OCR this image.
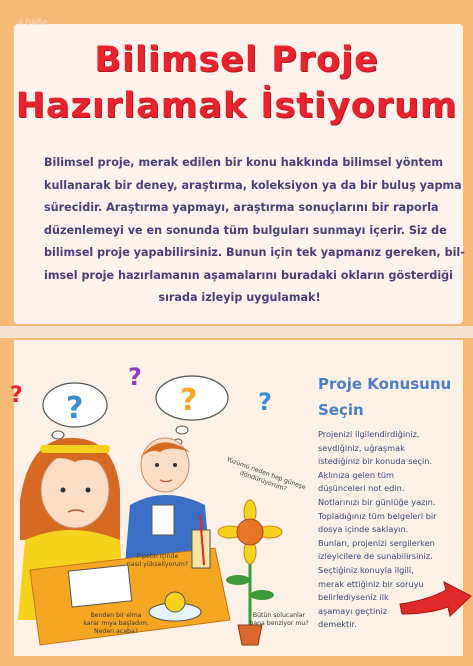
∂ baße
Bilimsel Proje
Hazırlamak İstiyorum
Bilimsel proje, merak edilen bir konu hakkında bilimsel yöntem
kullanarak bir deney, araştırma, koleksiyon ya da bir buluş yapma
sürecidir. Araştırma yapmayı, araştırma sonuçlarını bir raporla
düzenlemeyi ve en sonunda tüm bulguları sunmayı içerir. Siz de
bilimsel proje yapabilirsiniz. Bunun için tek yapmanız gereken, bil-
imsel proje hazırlamanın aşamalarını buradaki okların gösterdiği
sırada izleyip uygulamak!
?	?
?
?
?
Pipetin içinde
nasıl yükseliyorum?
Benden bir elma
karar mıya başladım.
Neden acaba?
Yüzümü neden hep güneşe döndürüyorum?
Bütün solucanlar
bana benziyor mu?
Proje Konusunu
Seçin
Projenizi ilgilendirdiğiniz,
sevdiğiniz, uğraşmak
istediğiniz bir konuda seçin.
Aklınıza gelen tüm
düşünceleri not edin.
Notlarınızı bir günlüğe yazın.
Topladığınız tüm belgeleri bir
dosya içinde saklayın.
Bunları, projenizi sergilerken
izleyicilere de sunabilirsiniz.
Seçtiğiniz konuyla ilgili,
merak ettiğiniz bir soruyu
belirlediyseniz ilk
aşamayı geçtiniz
demektir.
